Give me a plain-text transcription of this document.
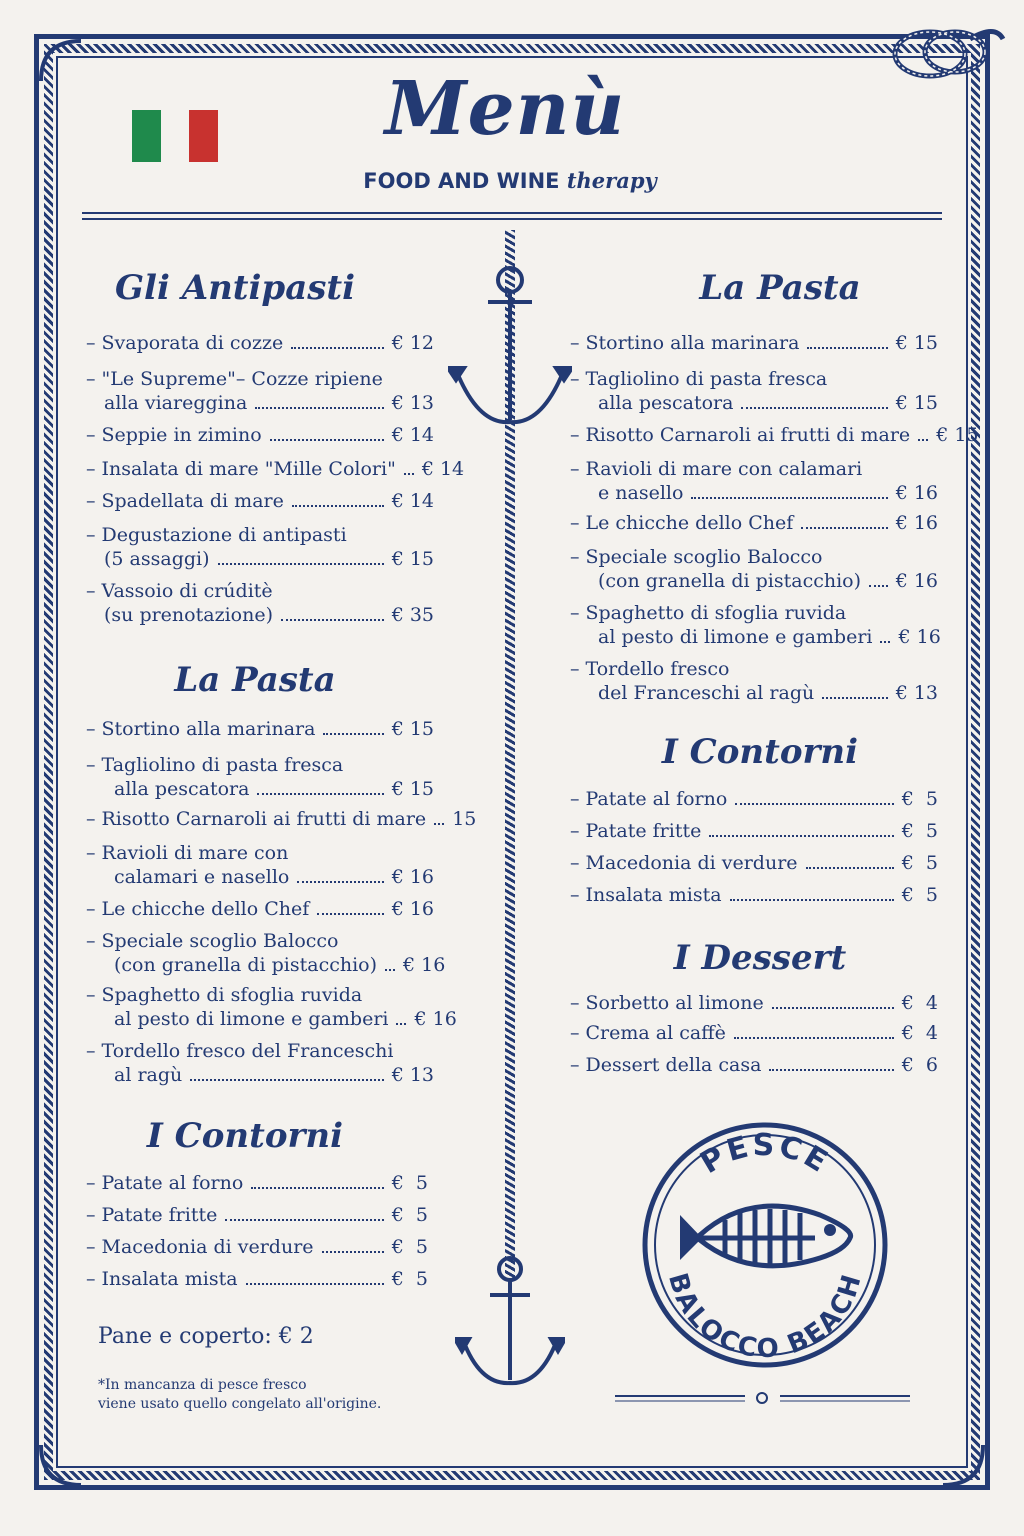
Menù
FOOD AND WINE therapy
Gli Antipasti
– Svaporata di cozze	€ 12
– "Le Supreme"– Cozze ripiene
alla viareggina	€ 13
– Seppie in zimino	€ 14
– Insalata di mare "Mille Colori" € 14
– Spadellata di mare	€ 14
– Degustazione di antipasti
(5 assaggi)	€ 15
– Vassoio di crúditè
(su prenotazione)	€ 35
La Pasta
– Stortino alla marinara	€ 15
– Tagliolino di pasta fresca
alla pescatora	€ 15
– Risotto Carnaroli ai frutti di mare 15
– Ravioli di mare con
calamari e nasello	€ 16
– Le chicche dello Chef	€ 16
– Speciale scoglio Balocco
(con granella di pistacchio) € 16
– Spaghetto di sfoglia ruvida
al pesto di limone e gamberi € 16
– Tordello fresco del Franceschi
al ragù	€ 13
I Contorni
– Patate al forno	€  5
– Patate fritte	€  5
– Macedonia di verdure	€  5
– Insalata mista	€  5
Pane e coperto: € 2
*In mancanza di pesce fresco
viene usato quello congelato all'origine.
La Pasta
– Stortino alla marinara	€ 15
– Tagliolino di pasta fresca
alla pescatora	€ 15
– Risotto Carnaroli ai frutti di mare € 15
– Ravioli di mare con calamari
e nasello	€ 16
– Le chicche dello Chef	€ 16
– Speciale scoglio Balocco
(con granella di pistacchio) € 16
– Spaghetto di sfoglia ruvida
al pesto di limone e gamberi € 16
– Tordello fresco
del Franceschi al ragù	€ 13
I Contorni
– Patate al forno	€  5
– Patate fritte	€  5
– Macedonia di verdure	€  5
– Insalata mista	€  5
I Dessert
– Sorbetto al limone	€  4
– Crema al caffè	€  4
– Dessert della casa	€  6
PESCE
BALOCCO BEACH
